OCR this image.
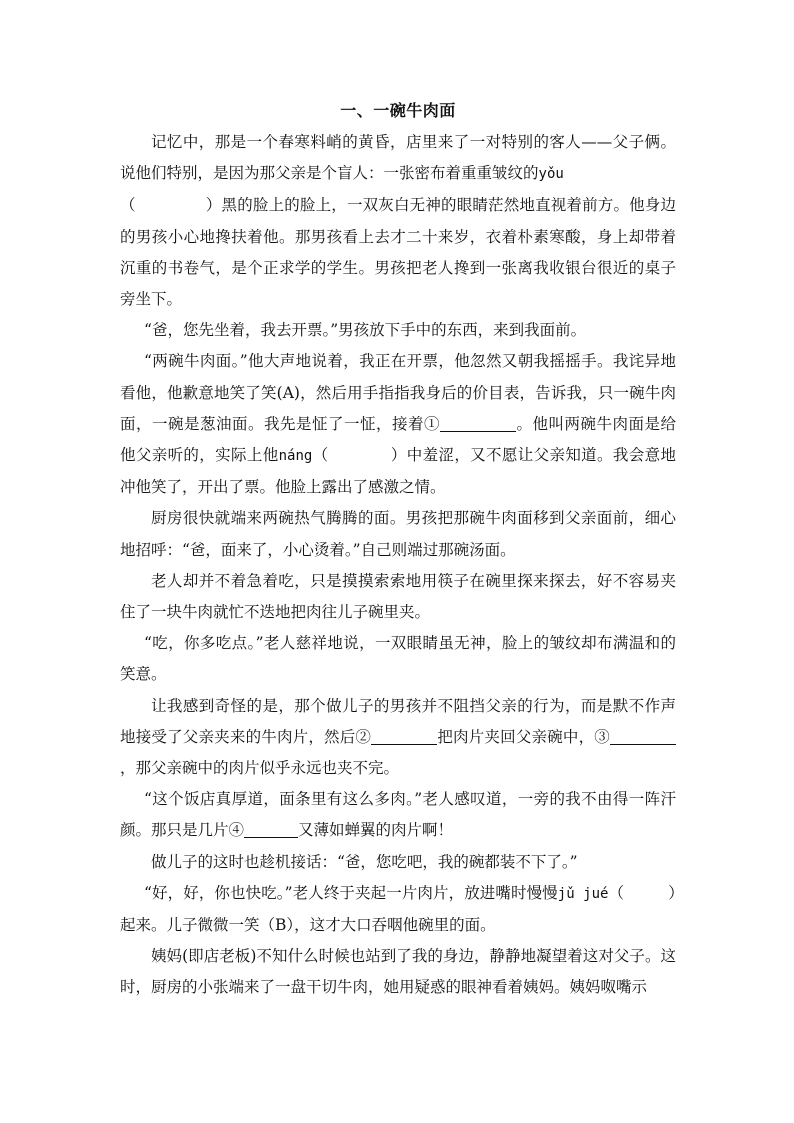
一、一碗牛肉面

记忆中，那是一个春寒料峭的黄昏，店里来了一对特别的客人——父子俩。说他们特别，是因为那父亲是个盲人：一张密布着重重皱纹的yǒu
（	）黑的脸上的脸上，一双灰白无神的眼睛茫然地直视着前方。他身边的男孩小心地搀扶着他。那男孩看上去才二十来岁，衣着朴素寒酸，身上却带着沉重的书卷气，是个正求学的学生。男孩把老人搀到一张离我收银台很近的桌子旁坐下。

“爸，您先坐着，我去开票。”男孩放下手中的东西，来到我面前。

“两碗牛肉面。”他大声地说着，我正在开票，他忽然又朝我摇摇手。我诧异地看他，他歉意地笑了笑(A)，然后用手指指我身后的价目表，告诉我，只一碗牛肉面，一碗是葱油面。我先是怔了一怔，接着①	。他叫两碗牛肉面是给他父亲听的，实际上他náng（	）中羞涩，又不愿让父亲知道。我会意地冲他笑了，开出了票。他脸上露出了感激之情。

厨房很快就端来两碗热气腾腾的面。男孩把那碗牛肉面移到父亲面前，细心地招呼：“爸，面来了，小心烫着。”自己则端过那碗汤面。

老人却并不着急着吃，只是摸摸索索地用筷子在碗里探来探去，好不容易夹住了一块牛肉就忙不迭地把肉往儿子碗里夹。

“吃，你多吃点。”老人慈祥地说，一双眼睛虽无神，脸上的皱纹却布满温和的笑意。

让我感到奇怪的是，那个做儿子的男孩并不阻挡父亲的行为，而是默不作声地接受了父亲夹来的牛肉片，然后②	把肉片夹回父亲碗中，③，那父亲碗中的肉片似乎永远也夹不完。

“这个饭店真厚道，面条里有这么多肉。”老人感叹道，一旁的我不由得一阵汗颜。那只是几片④	又薄如蝉翼的肉片啊！

做儿子的这时也趁机接话：“爸，您吃吧，我的碗都装不下了。”

“好，好，你也快吃。”老人终于夹起一片肉片，放进嘴时慢慢jǔ jué（	）起来。儿子微微一笑（B），这才大口吞咽他碗里的面。

姨妈(即店老板)不知什么时候也站到了我的身边，静静地凝望着这对父子。这时，厨房的小张端来了一盘干切牛肉，她用疑惑的眼神看着姨妈。姨妈呶嘴示
